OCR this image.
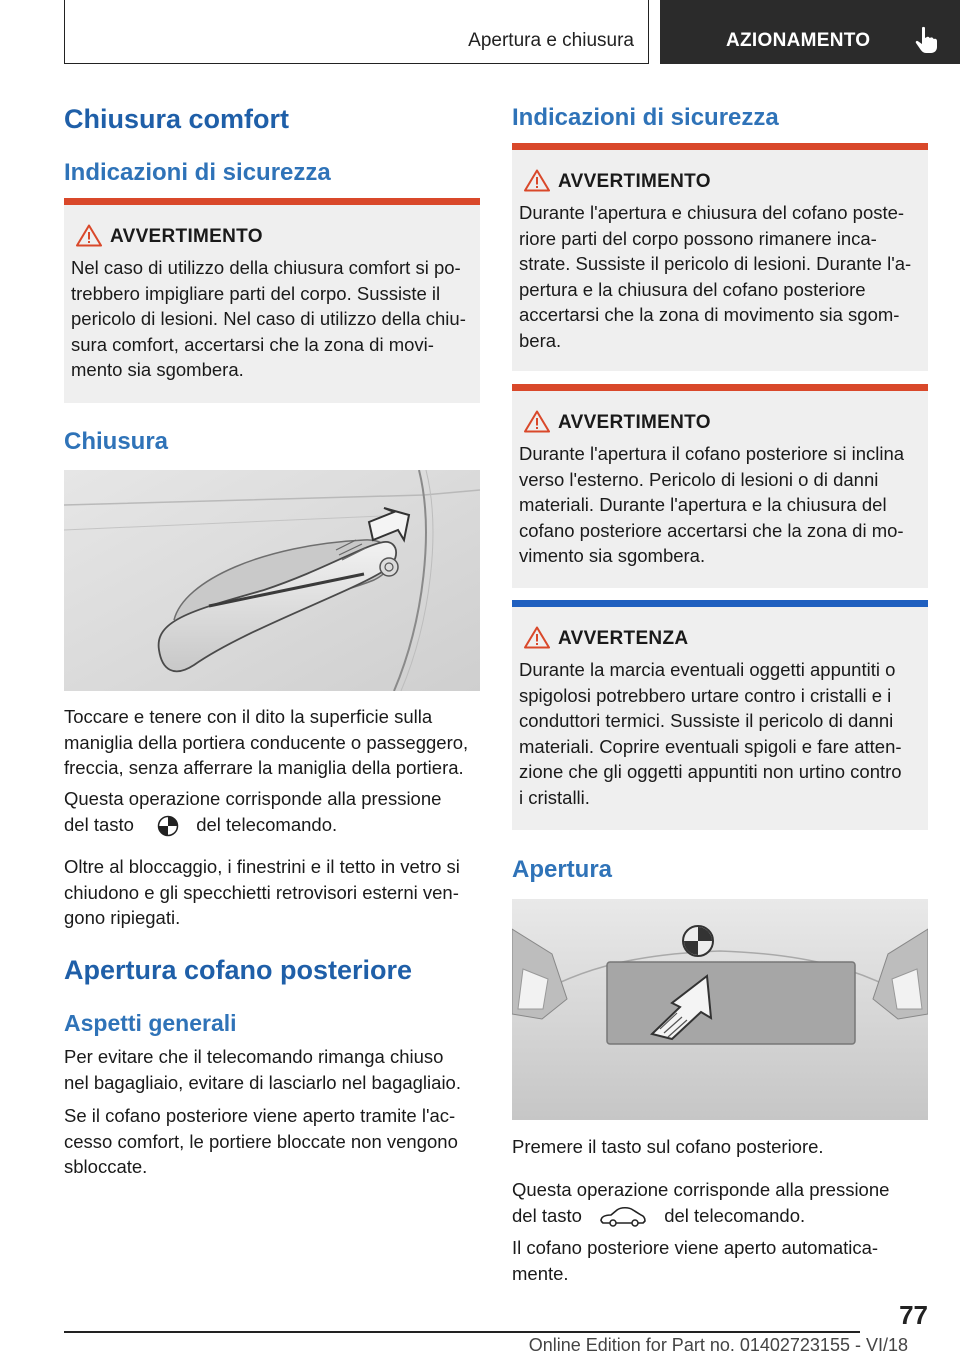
Apertura e chiusura	AZIONAMENTO
Chiusura comfort
Indicazioni di sicurezza
AVVERTIMENTO
Nel caso di utilizzo della chiusura comfort si po-
trebbero impigliare parti del corpo. Sussiste il
pericolo di lesioni. Nel caso di utilizzo della chiu-
sura comfort, accertarsi che la zona di movi-
mento sia sgombera.
Chiusura
Toccare e tenere con il dito la superficie sulla
maniglia della portiera conducente o passeggero,
freccia, senza afferrare la maniglia della portiera.
Questa operazione corrisponde alla pressione
del tasto	del telecomando.
Oltre al bloccaggio, i finestrini e il tetto in vetro si
chiudono e gli specchietti retrovisori esterni ven-
gono ripiegati.
Apertura cofano posteriore
Aspetti generali
Per evitare che il telecomando rimanga chiuso
nel bagagliaio, evitare di lasciarlo nel bagagliaio.
Se il cofano posteriore viene aperto tramite l'ac-
cesso comfort, le portiere bloccate non vengono
sbloccate.
Indicazioni di sicurezza
AVVERTIMENTO
Durante l'apertura e chiusura del cofano poste-
riore parti del corpo possono rimanere inca-
strate. Sussiste il pericolo di lesioni. Durante l'a-
pertura e la chiusura del cofano posteriore
accertarsi che la zona di movimento sia sgom-
bera.
AVVERTIMENTO
Durante l'apertura il cofano posteriore si inclina
verso l'esterno. Pericolo di lesioni o di danni
materiali. Durante l'apertura e la chiusura del
cofano posteriore accertarsi che la zona di mo-
vimento sia sgombera.
AVVERTENZA
Durante la marcia eventuali oggetti appuntiti o
spigolosi potrebbero urtare contro i cristalli e i
conduttori termici. Sussiste il pericolo di danni
materiali. Coprire eventuali spigoli e fare atten-
zione che gli oggetti appuntiti non urtino contro
i cristalli.
Apertura
Premere il tasto sul cofano posteriore.
Questa operazione corrisponde alla pressione
del tasto	del telecomando.
Il cofano posteriore viene aperto automatica-
mente.
77
Online Edition for Part no. 01402723155 - VI/18
